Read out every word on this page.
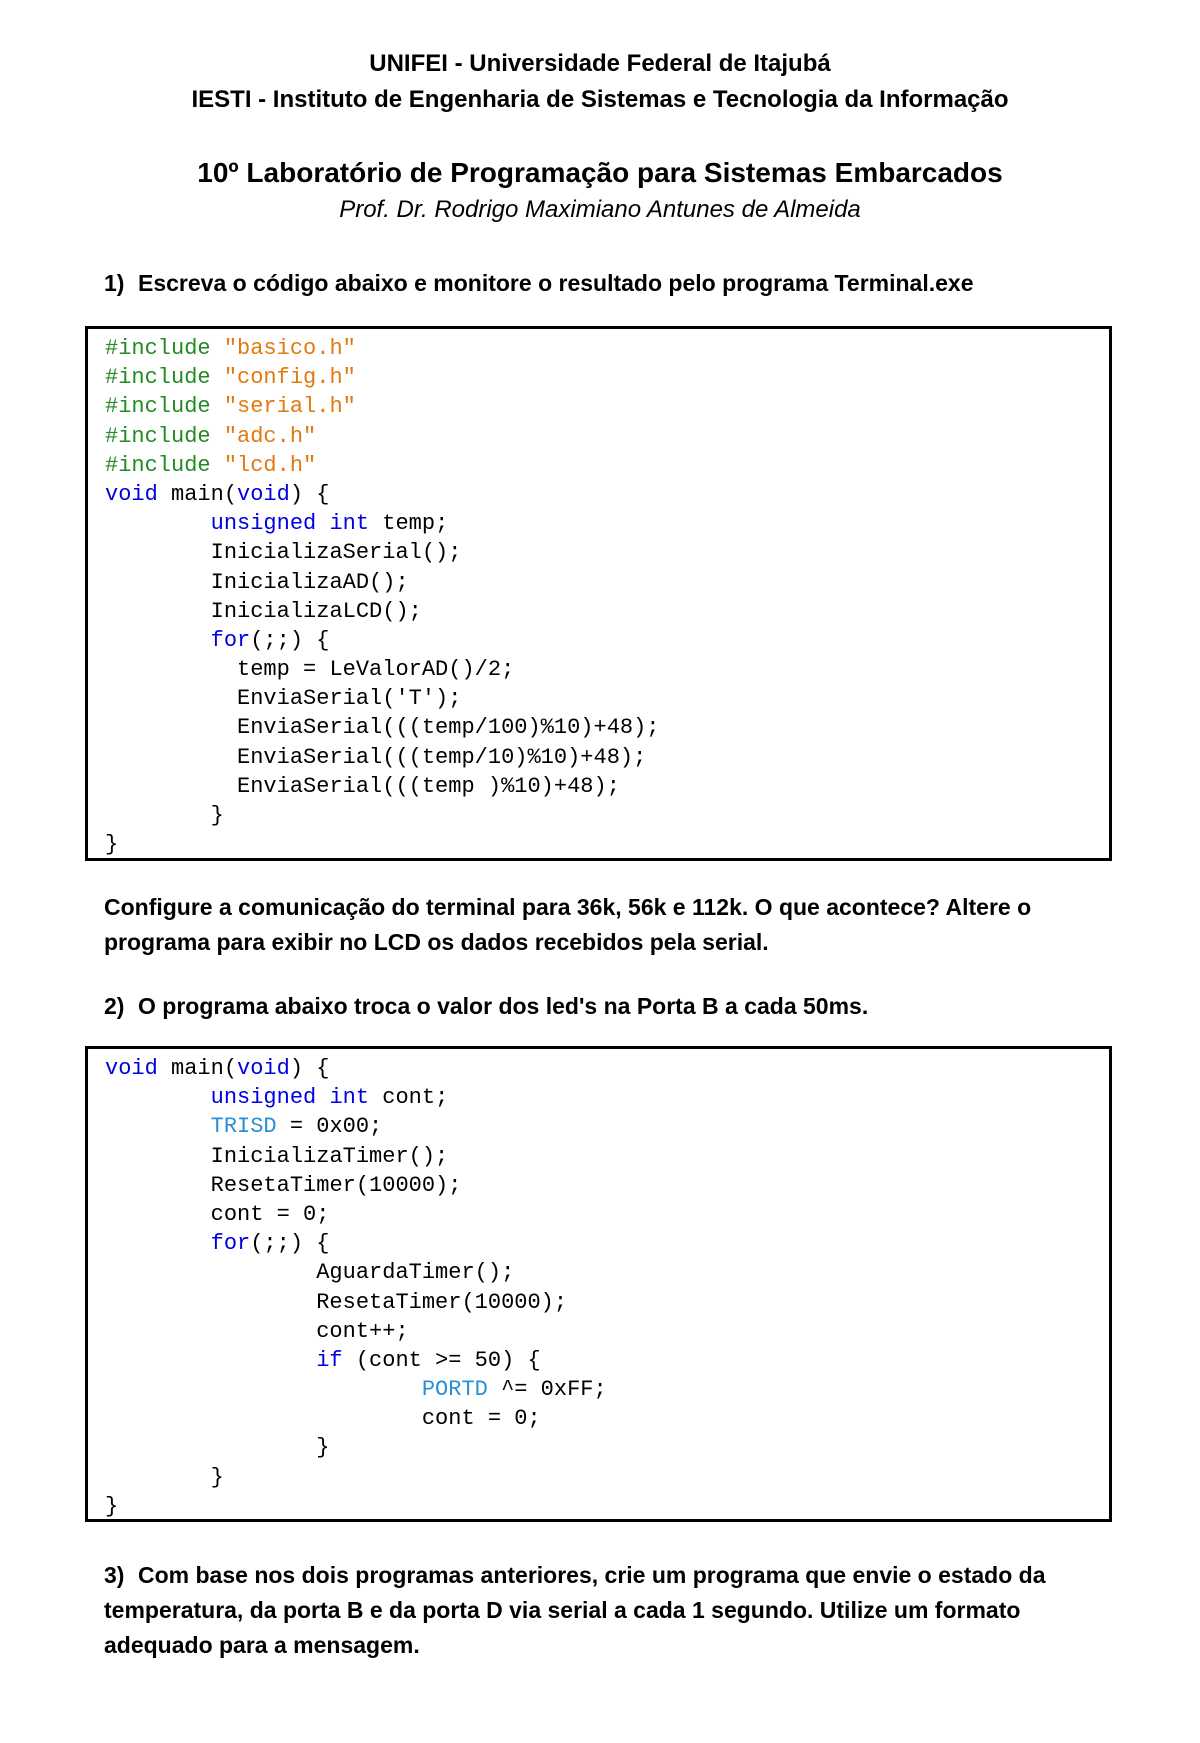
UNIFEI - Universidade Federal de Itajubá
IESTI - Instituto de Engenharia de Sistemas e Tecnologia da Informação
10º Laboratório de Programação para Sistemas Embarcados
Prof. Dr. Rodrigo Maximiano Antunes de Almeida
1) Escreva o código abaixo e monitore o resultado pelo programa Terminal.exe
#include "basico.h"
#include "config.h"
#include "serial.h"
#include "adc.h"
#include "lcd.h"
void main(void) {
	unsigned int temp;
	InicializaSerial();
	InicializaAD();
	InicializaLCD();
	for(;;) {
	temp = LeValorAD()/2;
	EnviaSerial('T');
	EnviaSerial(((temp/100)%10)+48);
	EnviaSerial(((temp/10)%10)+48);
	EnviaSerial(((temp )%10)+48);
	}
}
Configure a comunicação do terminal para 36k, 56k e 112k. O que acontece? Altere o programa para exibir no LCD os dados recebidos pela serial.
2) O programa abaixo troca o valor dos led's na Porta B a cada 50ms.
void main(void) {
	unsigned int cont;
	TRISD = 0x00;
	InicializaTimer();
	ResetaTimer(10000);
	cont = 0;
	for(;;) {
		AguardaTimer();
		ResetaTimer(10000);
		cont++;
		if (cont >= 50) {
			PORTD ^= 0xFF;
			cont = 0;
		}
	}
}
3) Com base nos dois programas anteriores, crie um programa que envie o estado da temperatura, da porta B e da porta D via serial a cada 1 segundo. Utilize um formato adequado para a mensagem.
